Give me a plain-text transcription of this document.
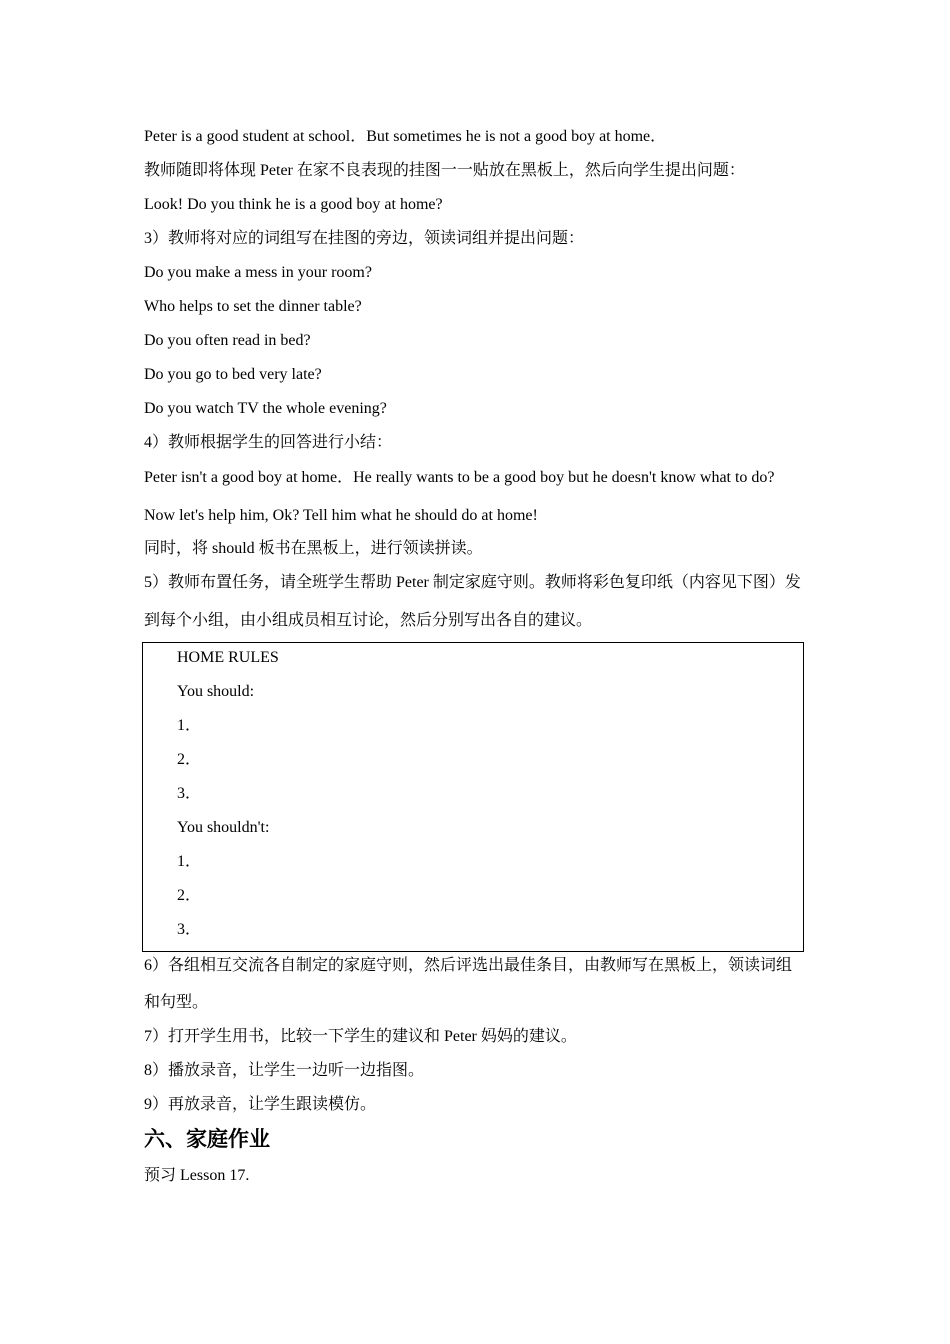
Peter is a good student at school．But sometimes he is not a good boy at home．
教师随即将体现 Peter 在家不良表现的挂图一一贴放在黑板上，然后向学生提出问题：
Look! Do you think he is a good boy at home?
3）教师将对应的词组写在挂图的旁边，领读词组并提出问题：
Do you make a mess in your room?
Who helps to set the dinner table?
Do you often read in bed?
Do you go to bed very late?
Do you watch TV the whole evening?
4）教师根据学生的回答进行小结：
Peter isn't a good boy at home．He really wants to be a good boy but he doesn't know what to do?
Now let's help him, Ok? Tell him what he should do at home!
同时，将 should 板书在黑板上，进行领读拼读。
5）教师布置任务，请全班学生帮助 Peter 制定家庭守则。教师将彩色复印纸（内容见下图）发
到每个小组，由小组成员相互讨论，然后分别写出各自的建议。
HOME RULES
You should:
1．
2．
3．
You shouldn't:
1．
2．
3．
6）各组相互交流各自制定的家庭守则，然后评选出最佳条目，由教师写在黑板上，领读词组
和句型。
7）打开学生用书，比较一下学生的建议和 Peter 妈妈的建议。
8）播放录音，让学生一边听一边指图。
9）再放录音，让学生跟读模仿。
六、家庭作业
预习 Lesson 17.
